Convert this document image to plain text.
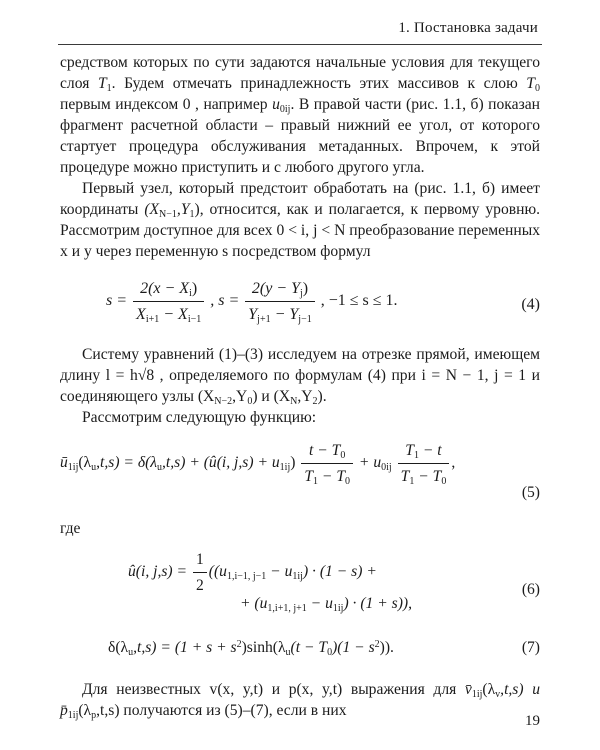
1. Постановка задачи

средством которых по сути задаются начальные условия для текущего слоя $T_1$. Будем отмечать принадлежность этих массивов к слою $T_0$ первым индексом 0 , например $u_{0ij}$. В правой части (рис. 1.1, б) показан фрагмент расчетной области – правый нижний ее угол, от которого стартует процедура обслуживания метаданных. Впрочем, к этой процедуре можно приступить и с любого другого угла.

Первый узел, который предстоит обработать на (рис. 1.1, б) имеет координаты $(X_{N-1},Y_1)$, относится, как и полагается, к первому уровню. Рассмотрим доступное для всех 0 < i, j < N преобразование переменных x и y через переменную s посредством формул

$s = \frac{2(x - X_i)}{X_{i+1} - X_{i-1}}$ , $s = \frac{2(y - Y_j)}{Y_{j+1} - Y_{j-1}}$ , −1 ≤ s ≤ 1.	(4)

Систему уравнений (1)–(3) исследуем на отрезке прямой, имеющем длину l = h√8 , определяемого по формулам (4) при i = N − 1, j = 1 и соединяющего узлы $(X_{N-2},Y_0)$ и $(X_N,Y_2)$.

Рассмотрим следующую функцию:

$ū_{1ij}(\lambda_u,t,s) = \delta(\lambda_u,t,s)$ + (û(i, $j,s) + u_{1ij}) \frac{t - T_0}{T_1 - T_0} + u_{0ij} \frac{T_1 - t}{T_1 - T_0}$ ,
(5)

где

û(i, $j,s) = \frac{1}{2} ((u_{1,i-1, j-1} - u_{1ij}) \cdot (1 - s)$ +
+ $(u_{1,i+1, j+1} - u_{1ij}) \cdot (1 + s)$),
(6)
$\delta(\lambda_u,t,s) = (1 + s + s^2)\sinh(\lambda_u(t - T_0)(1 - s^2))$.	(7)

Для неизвестных v(x, y,t) и p(x, y,t) выражения для $v̄_{1ij}(\lambda_v,t,s)$ и $p̄_{1ij}(\lambda_p,t,s)$ получаются из (5)–(7), если в них

19
